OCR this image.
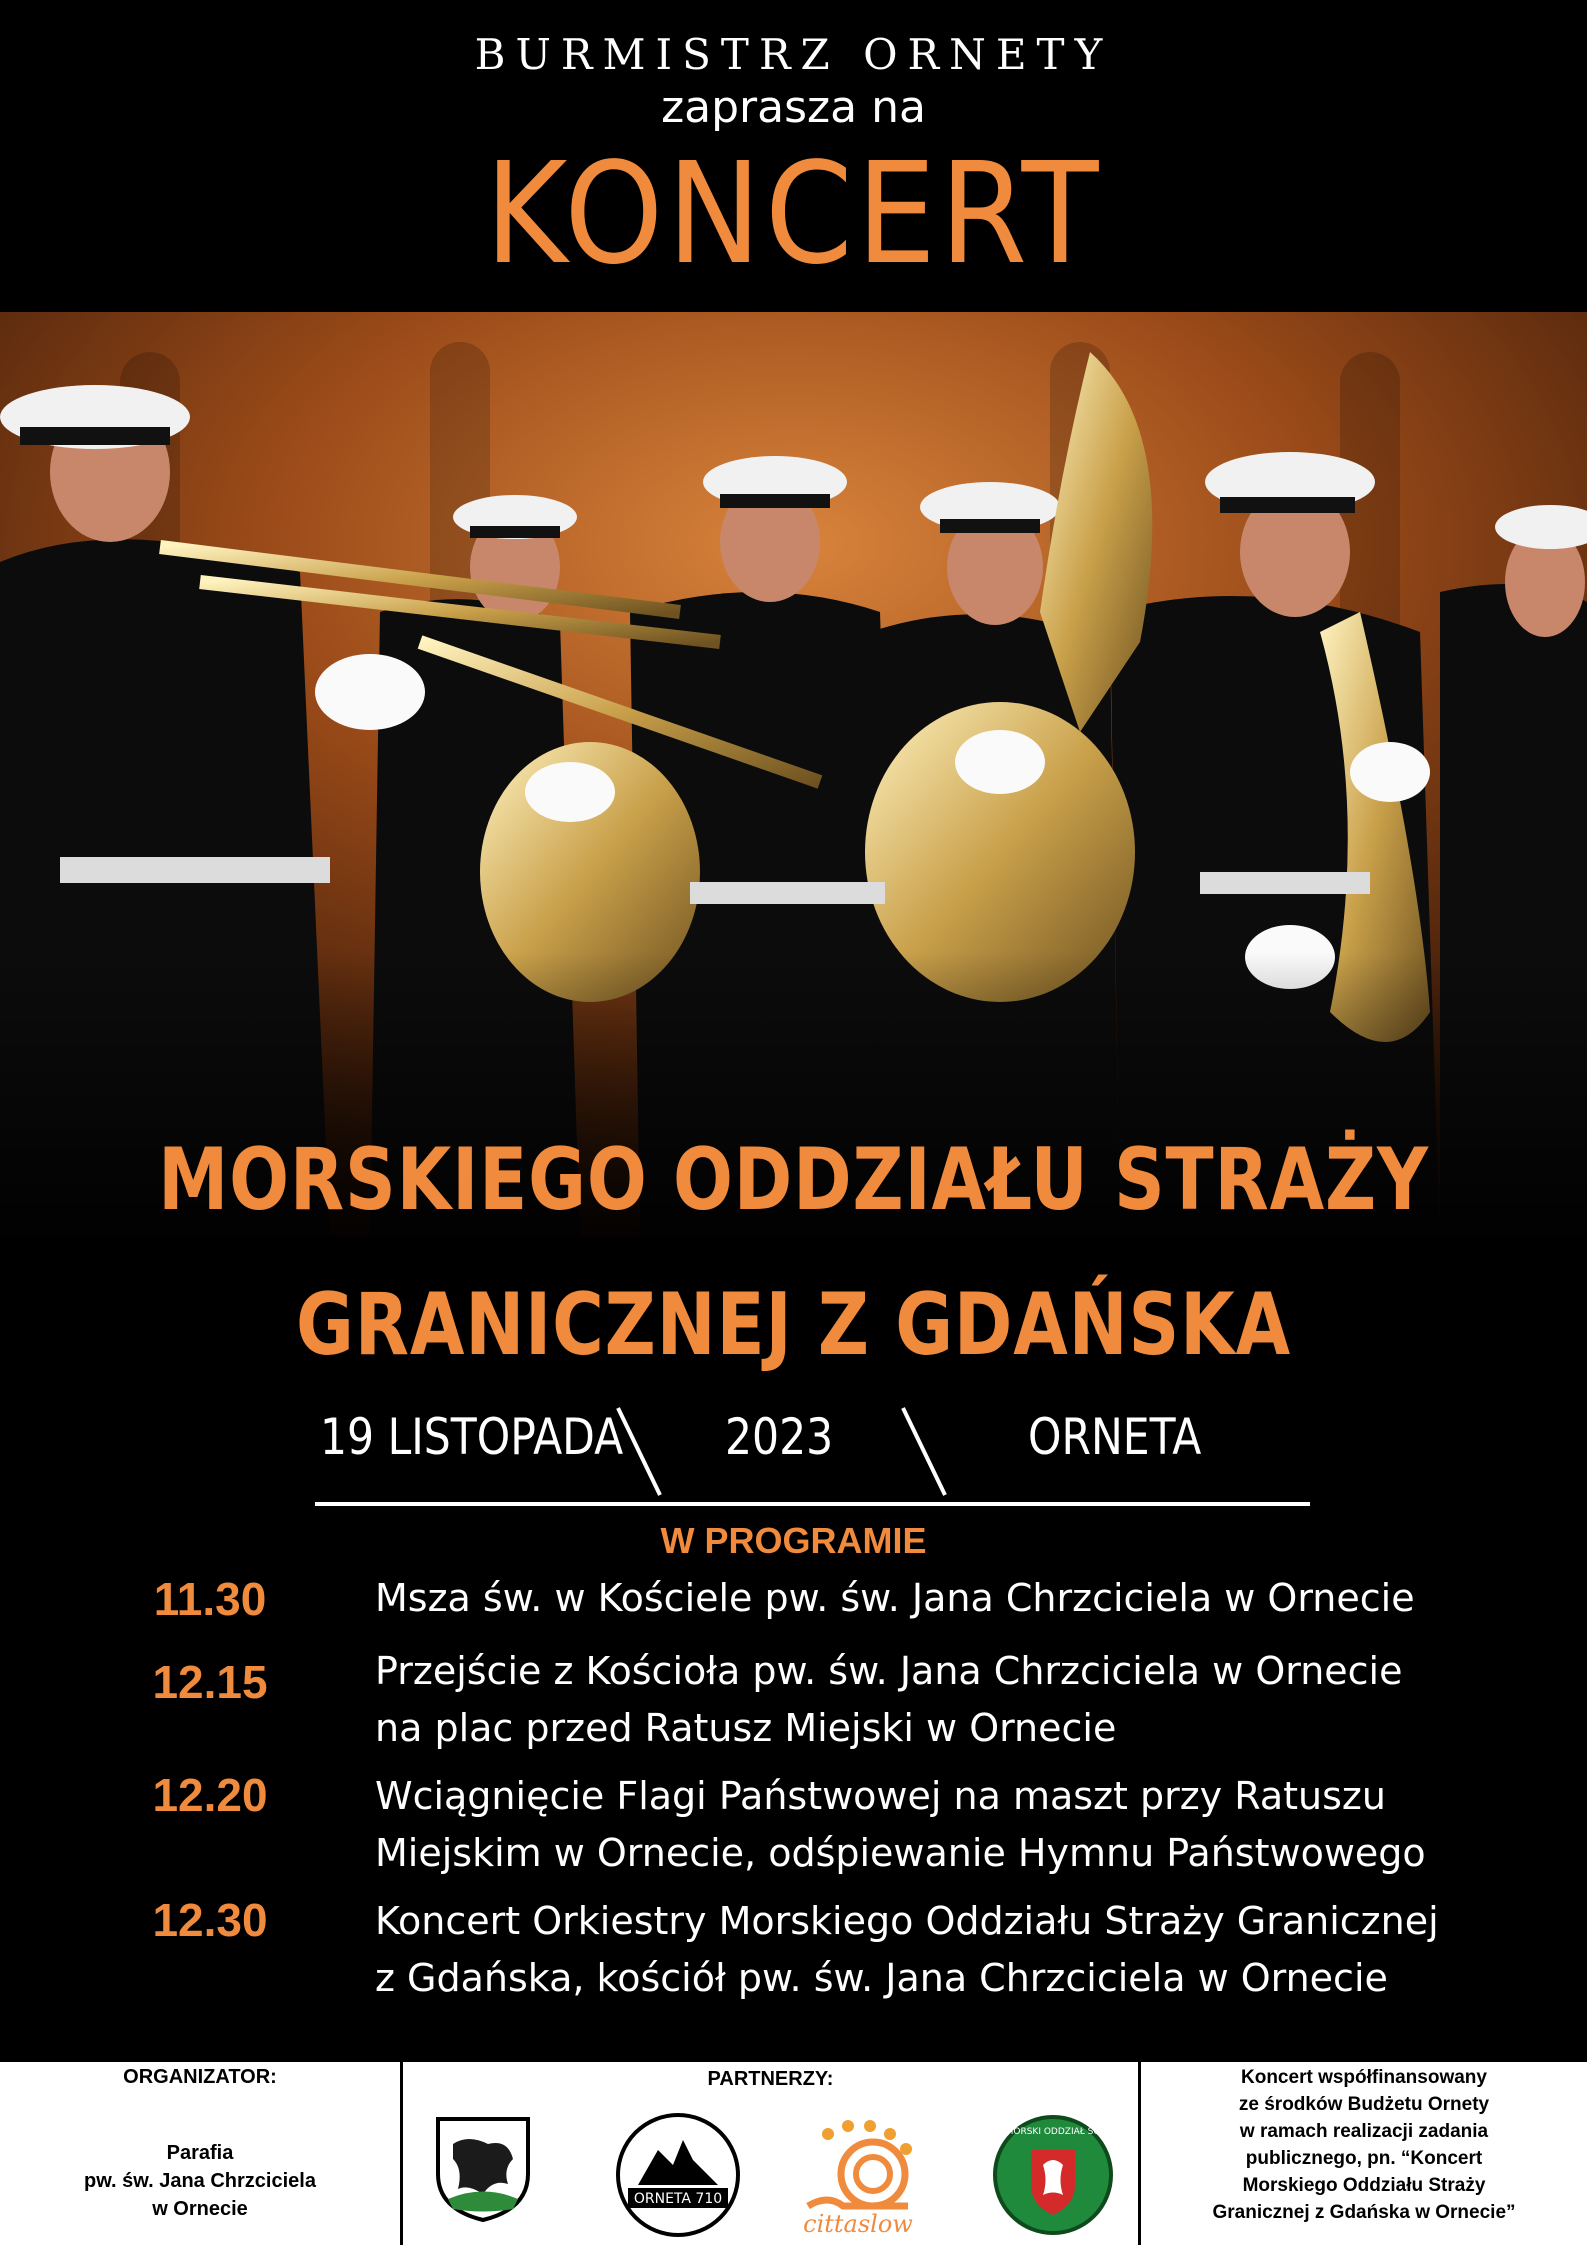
BURMISTRZ ORNETY
zaprasza na
KONCERT
MORSKIEGO ODDZIAŁU STRAŻY
GRANICZNEJ Z GDAŃSKA
19 LISTOPADA 2023	ORNETA
W PROGRAMIE
11.30	Msza św. w Kościele pw. św. Jana Chrzciciela w Ornecie
12.15	Przejście z Kościoła pw. św. Jana Chrzciciela w Ornecie
na plac przed Ratusz Miejski w Ornecie
12.20	Wciągnięcie Flagi Państwowej na maszt przy Ratuszu
Miejskim w Ornecie, odśpiewanie Hymnu Państwowego
12.30	Koncert Orkiestry Morskiego Oddziału Straży Granicznej
z Gdańska, kościół pw. św. Jana Chrzciciela w Ornecie
ORGANIZATOR:
Parafia
pw. św. Jana Chrzciciela
w Ornecie
PARTNERZY:
ORNETA 710
cittaslow
MORSKI ODDZIAŁ SG
Koncert współfinansowany
ze środków Budżetu Ornety
w ramach realizacji zadania
publicznego, pn. “Koncert
Morskiego Oddziału Straży
Granicznej z Gdańska w Ornecie”
